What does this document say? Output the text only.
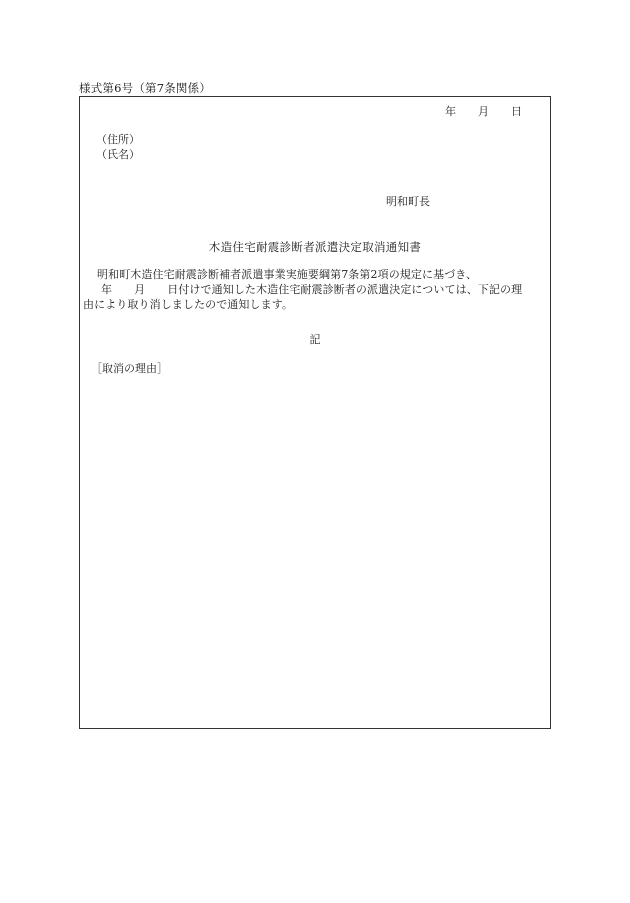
様式第6号（第7条関係）
年 月 日
（住所）
（氏名）
明和町長
木造住宅耐震診断者派遣決定取消通知書
明和町木造住宅耐震診断補者派遣事業実施要綱第7条第2項の規定に基づき、
年 月 日付けで通知した木造住宅耐震診断者の派遣決定については、下記の理
由により取り消しましたので通知します。
記
［取消の理由］
